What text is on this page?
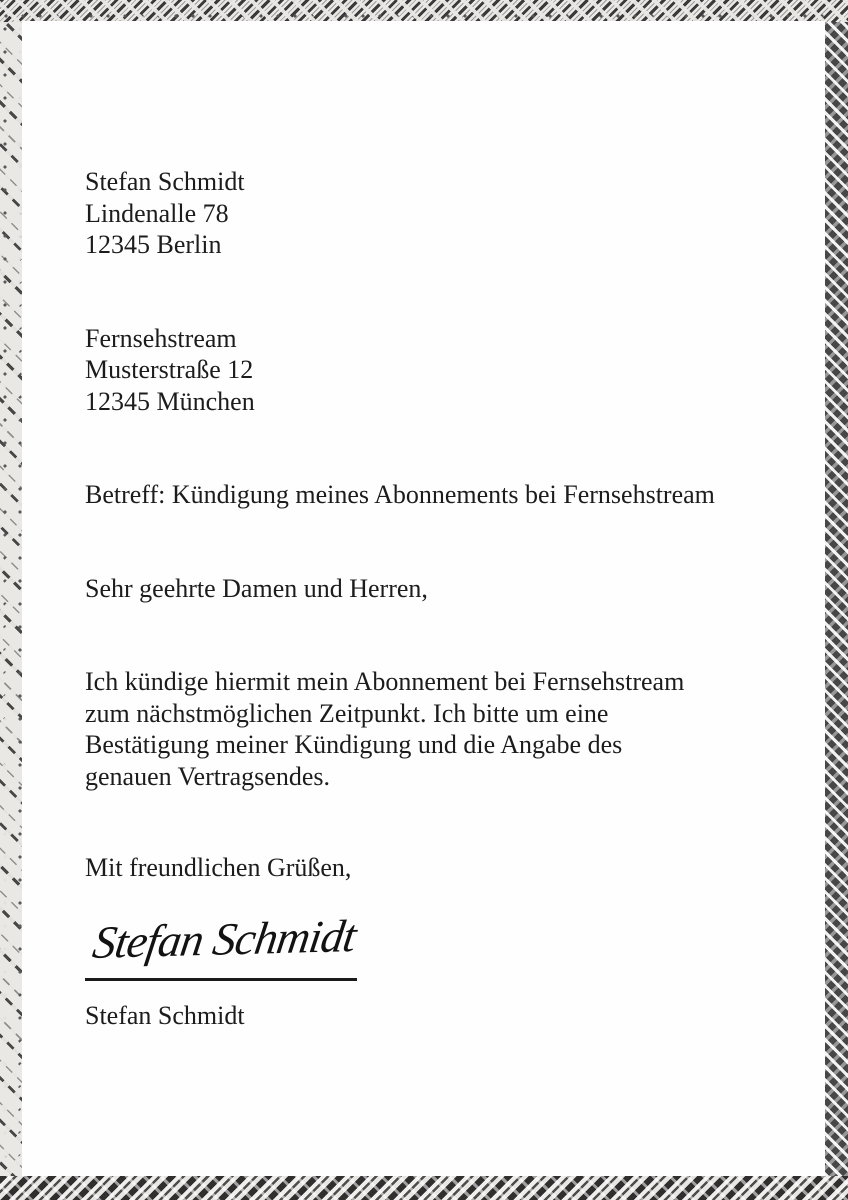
Stefan Schmidt
Lindenalle 78
12345 Berlin
Fernsehstream
Musterstraße 12
12345 München
Betreff: Kündigung meines Abonnements bei Fernsehstream
Sehr geehrte Damen und Herren,
Ich kündige hiermit mein Abonnement bei Fernsehstream
zum nächstmöglichen Zeitpunkt. Ich bitte um eine
Bestätigung meiner Kündigung und die Angabe des
genauen Vertragsendes.
Mit freundlichen Grüßen,
Stefan Schmidt
Stefan Schmidt
